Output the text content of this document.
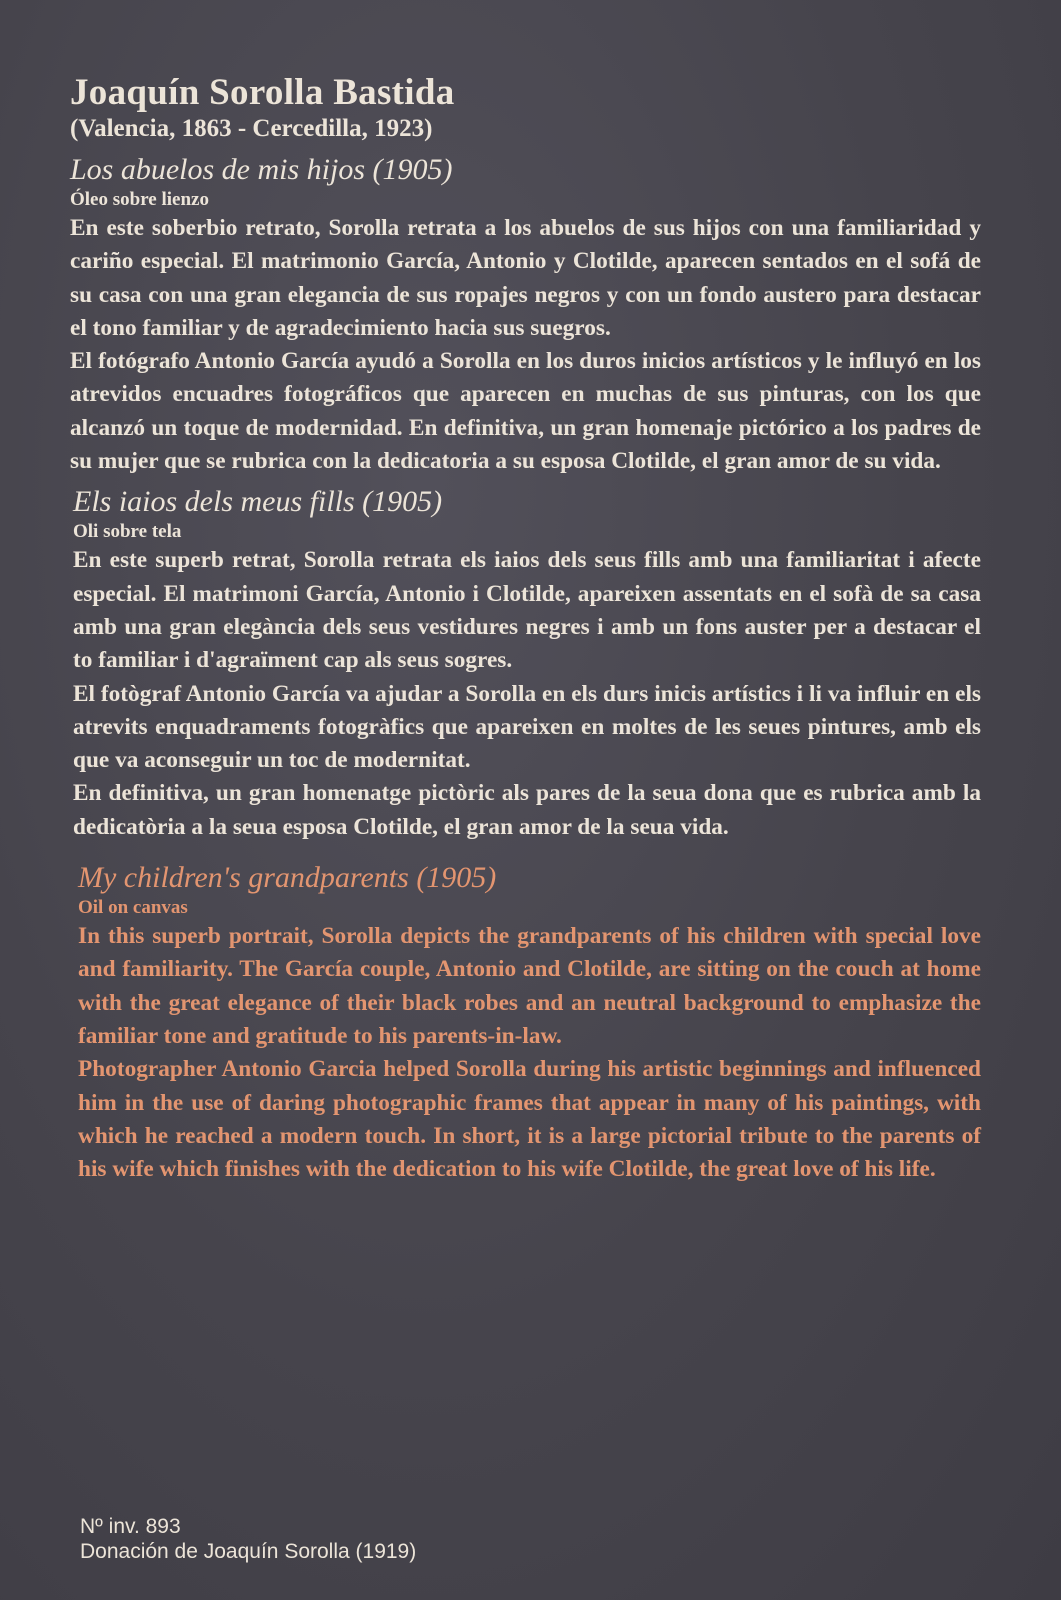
Joaquín Sorolla Bastida
(Valencia, 1863 - Cercedilla, 1923)
Los abuelos de mis hijos (1905)
Óleo sobre lienzo

En este soberbio retrato, Sorolla retrata a los abuelos de sus hijos con una familiaridad y cariño especial. El matrimonio García, Antonio y Clotilde, aparecen sentados en el sofá de su casa con una gran elegancia de sus ropajes negros y con un fondo austero para destacar el tono familiar y de agradecimiento hacia sus suegros.

El fotógrafo Antonio García ayudó a Sorolla en los duros inicios artísticos y le influyó en los atrevidos encuadres fotográficos que aparecen en muchas de sus pinturas, con los que alcanzó un toque de modernidad. En definitiva, un gran homenaje pictórico a los padres de su mujer que se rubrica con la dedicatoria a su esposa Clotilde, el gran amor de su vida.

Els iaios dels meus fills (1905)
Oli sobre tela

En este superb retrat, Sorolla retrata els iaios dels seus fills amb una familiaritat i afecte especial. El matrimoni García, Antonio i Clotilde, apareixen assentats en el sofà de sa casa amb una gran elegància dels seus vestidures negres i amb un fons auster per a destacar el to familiar i d'agraïment cap als seus sogres.

El fotògraf Antonio García va ajudar a Sorolla en els durs inicis artístics i li va influir en els atrevits enquadraments fotogràfics que apareixen en moltes de les seues pintures, amb els que va aconseguir un toc de modernitat.

En definitiva, un gran homenatge pictòric als pares de la seua dona que es rubrica amb la dedicatòria a la seua esposa Clotilde, el gran amor de la seua vida.

My children's grandparents (1905)
Oil on canvas

In this superb portrait, Sorolla depicts the grandparents of his children with special love and familiarity. The García couple, Antonio and Clotilde, are sitting on the couch at home with the great elegance of their black robes and an neutral background to emphasize the familiar tone and gratitude to his parents-in-law.

Photographer Antonio Garcia helped Sorolla during his artistic beginnings and influenced him in the use of daring photographic frames that appear in many of his paintings, with which he reached a modern touch. In short, it is a large pictorial tribute to the parents of his wife which finishes with the dedication to his wife Clotilde, the great love of his life.

Nº inv. 893
Donación de Joaquín Sorolla (1919)
